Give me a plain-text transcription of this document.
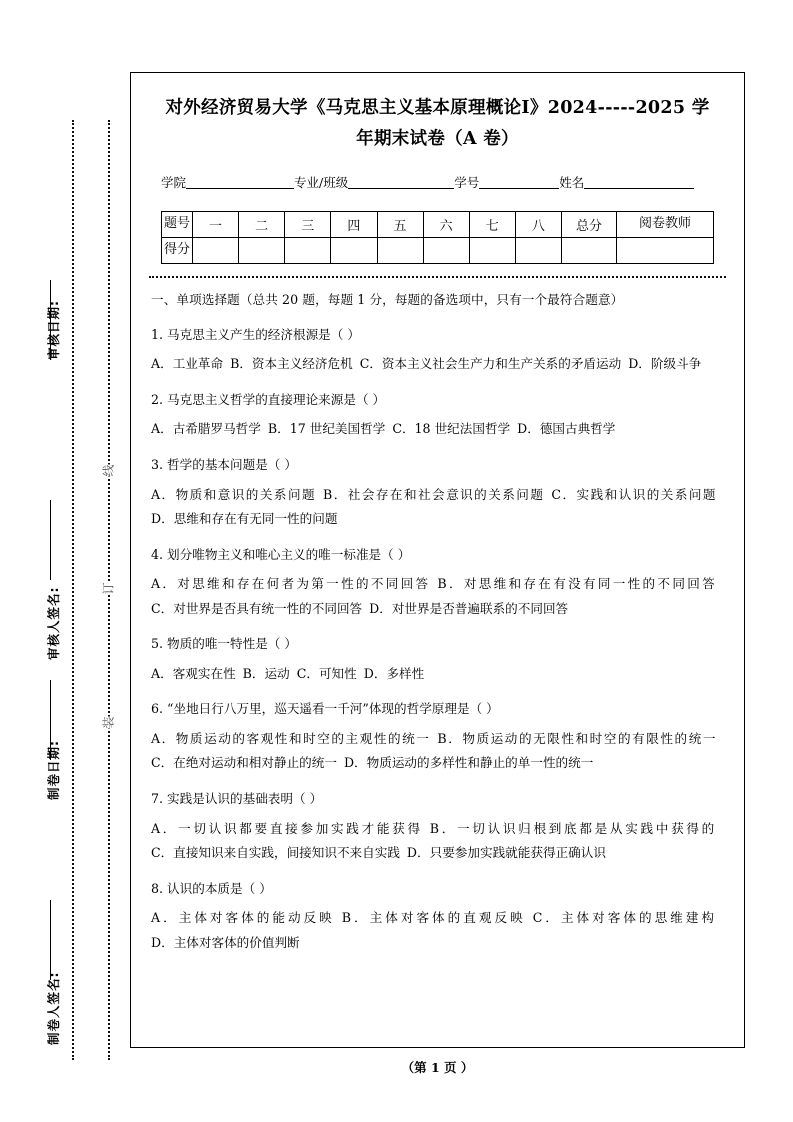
审核日期:
审核人签名:
制卷日期:
制卷人签名:
线
订
装
对外经济贸易大学《马克思主义基本原理概论I》2024-----2025 学
年期末试卷（A 卷）
学院	专业/班级	学号	姓名
题号	一	二	三	四	五	六	七	八	总分	阅卷教师
得分										
一、单项选择题（总共 20 题，每题 1 分，每题的备选项中，只有一个最符合题意）
1. 马克思主义产生的经济根源是（ ）
A．工业革命 B．资本主义经济危机 C．资本主义社会生产力和生产关系的矛盾运动 D．阶级斗争
2. 马克思主义哲学的直接理论来源是（ ）
A．古希腊罗马哲学 B．17 世纪美国哲学 C．18 世纪法国哲学 D．德国古典哲学
3. 哲学的基本问题是（ ）
A．物质和意识的关系问题 B．社会存在和社会意识的关系问题 C．实践和认识的关系问题 D．思维和存在有无同一性的问题
4. 划分唯物主义和唯心主义的唯一标准是（ ）
A．对思维和存在何者为第一性的不同回答 B．对思维和存在有没有同一性的不同回答 C．对世界是否具有统一性的不同回答 D．对世界是否普遍联系的不同回答
5. 物质的唯一特性是（ ）
A．客观实在性 B．运动 C．可知性 D．多样性
6. “坐地日行八万里，巡天遥看一千河”体现的哲学原理是（ ）
A．物质运动的客观性和时空的主观性的统一 B．物质运动的无限性和时空的有限性的统一 C．在绝对运动和相对静止的统一 D．物质运动的多样性和静止的单一性的统一
7. 实践是认识的基础表明（ ）
A．一切认识都要直接参加实践才能获得 B．一切认识归根到底都是从实践中获得的 C．直接知识来自实践，间接知识不来自实践 D．只要参加实践就能获得正确认识
8. 认识的本质是（ ）
A．主体对客体的能动反映 B．主体对客体的直观反映 C．主体对客体的思维建构 D．主体对客体的价值判断
（第 1 页 ）
